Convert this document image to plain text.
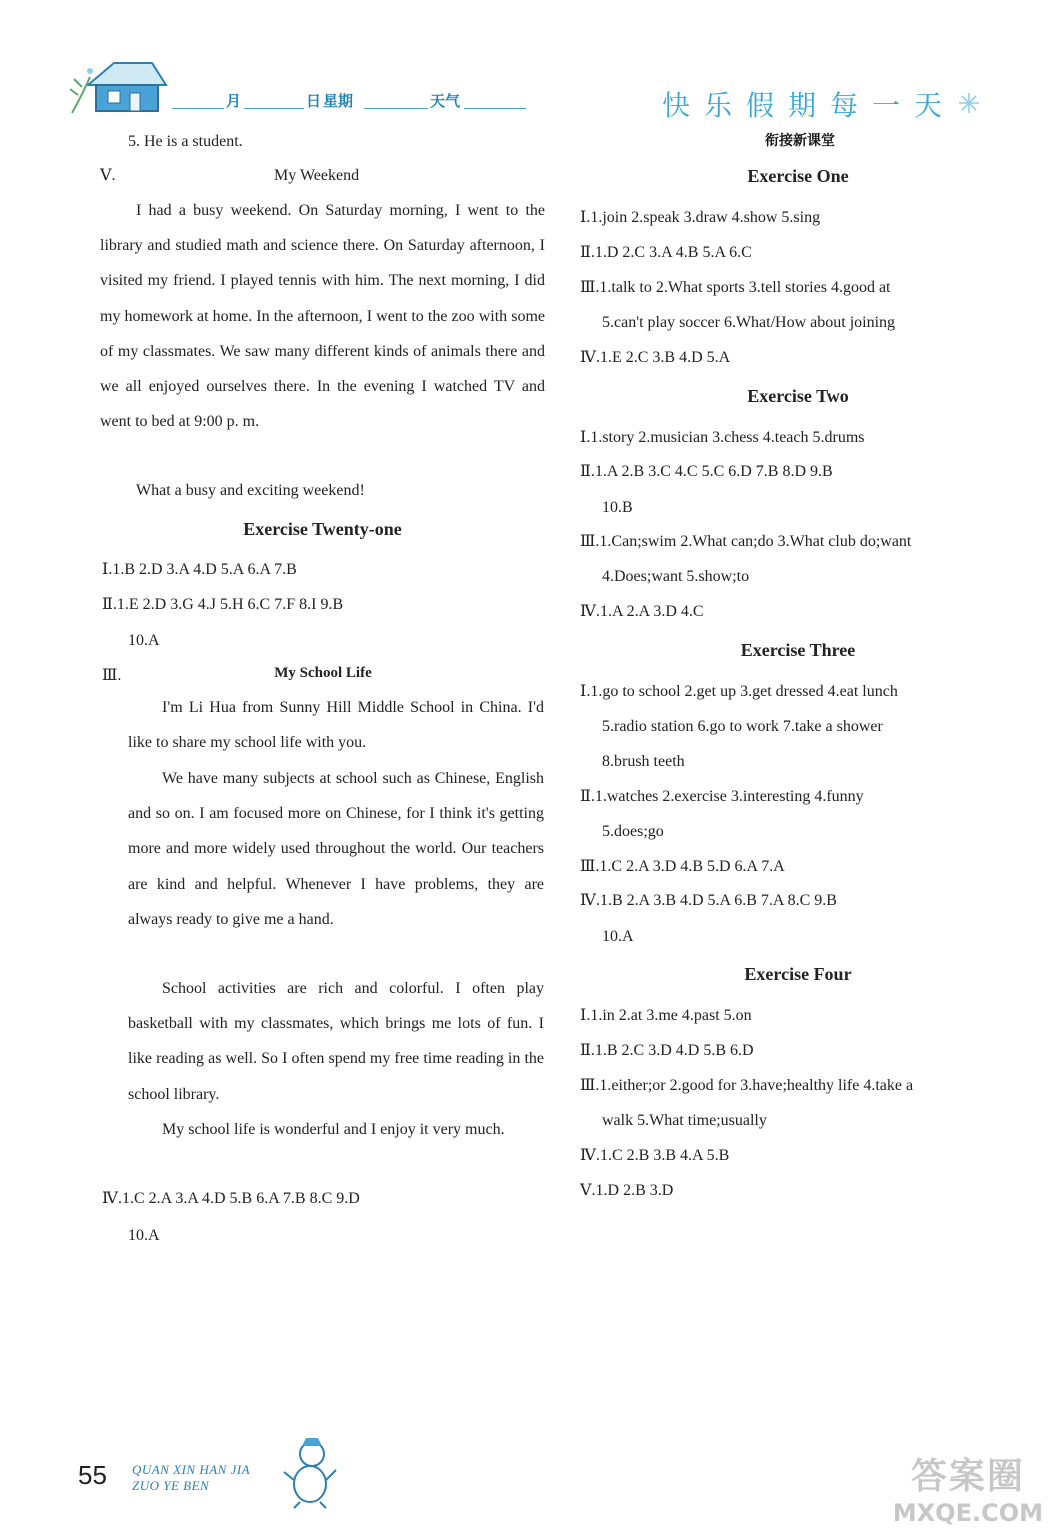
月	日 星期	天气	快乐假期每一天
衔接新课堂
5. He is a student.
Ⅴ.	My Weekend
I had a busy weekend. On Saturday morning, I went to the library and studied math and science there. On Saturday afternoon, I visited my friend. I played tennis with him. The next morning, I did my homework at home. In the afternoon, I went to the zoo with some of my classmates. We saw many different kinds of animals there and we all enjoyed ourselves there. In the evening I watched TV and went to bed at 9:00 p. m.
What a busy and exciting weekend!
Exercise Twenty-one
Ⅰ.1.B 2.D 3.A 4.D 5.A 6.A 7.B
Ⅱ.1.E 2.D 3.G 4.J 5.H 6.C 7.F 8.I 9.B
10.A
Ⅲ.	My School Life
I'm Li Hua from Sunny Hill Middle School in China. I'd like to share my school life with you.
We have many subjects at school such as Chinese, English and so on. I am focused more on Chinese, for I think it's getting more and more widely used throughout the world. Our teachers are kind and helpful. Whenever I have problems, they are always ready to give me a hand.
School activities are rich and colorful. I often play basketball with my classmates, which brings me lots of fun. I like reading as well. So I often spend my free time reading in the school library.
My school life is wonderful and I enjoy it very much.
Ⅳ.1.C 2.A 3.A 4.D 5.B 6.A 7.B 8.C 9.D
10.A
Exercise One
Ⅰ.1.join 2.speak 3.draw 4.show 5.sing
Ⅱ.1.D 2.C 3.A 4.B 5.A 6.C
Ⅲ.1.talk to 2.What sports 3.tell stories 4.good at
5.can't play soccer 6.What/How about joining
Ⅳ.1.E 2.C 3.B 4.D 5.A
Exercise Two
Ⅰ.1.story 2.musician 3.chess 4.teach 5.drums
Ⅱ.1.A 2.B 3.C 4.C 5.C 6.D 7.B 8.D 9.B
10.B
Ⅲ.1.Can;swim 2.What can;do 3.What club do;want
4.Does;want 5.show;to
Ⅳ.1.A 2.A 3.D 4.C
Exercise Three
Ⅰ.1.go to school 2.get up 3.get dressed 4.eat lunch
5.radio station 6.go to work 7.take a shower
8.brush teeth
Ⅱ.1.watches 2.exercise 3.interesting 4.funny
5.does;go
Ⅲ.1.C 2.A 3.D 4.B 5.D 6.A 7.A
Ⅳ.1.B 2.A 3.B 4.D 5.A 6.B 7.A 8.C 9.B
10.A
Exercise Four
Ⅰ.1.in 2.at 3.me 4.past 5.on
Ⅱ.1.B 2.C 3.D 4.D 5.B 6.D
Ⅲ.1.either;or 2.good for 3.have;healthy life 4.take a
walk 5.What time;usually
Ⅳ.1.C 2.B 3.B 4.A 5.B
Ⅴ.1.D 2.B 3.D
55 QUAN XIN HAN JIA
ZUO YE BEN	答案圈
MXQE.COM
